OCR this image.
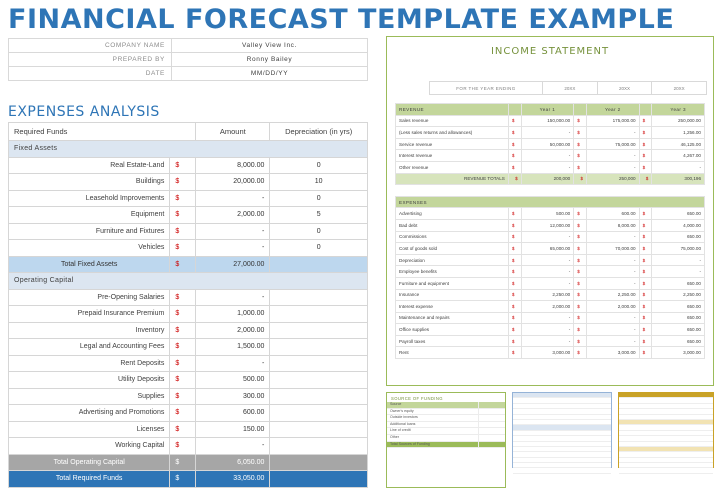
FINANCIAL FORECAST TEMPLATE EXAMPLE
COMPANY NAME	Valley View Inc.
PREPARED BY	Ronny Bailey
DATE	MM/DD/YY
EXPENSES ANALYSIS
Required Funds		Amount	Depreciation (in yrs)
Fixed Assets			
Real Estate-Land	$	8,000.00	0
Buildings	$	20,000.00	10
Leasehold Improvements	$	-	0
Equipment	$	2,000.00	5
Furniture and Fixtures	$	-	0
Vehicles	$	-	0
Total Fixed Assets	$	27,000.00	
Operating Capital			
Pre-Opening Salaries	$	-	
Prepaid Insurance Premium	$	1,000.00	
Inventory	$	2,000.00	
Legal and Accounting Fees	$	1,500.00	
Rent Deposits	$	-	
Utility Deposits	$	500.00	
Supplies	$	300.00	
Advertising and Promotions	$	600.00	
Licenses	$	150.00	
Working Capital	$	-	
Total Operating Capital	$	6,050.00	
Total Required Funds	$	33,050.00	
INCOME STATEMENT
FOR THE YEAR ENDING	20XX	20XX	20XX
REVENUE		Year 1		Year 2		Year 3
Sales revenue	$	150,000.00	$	175,000.00	$	250,000.00
(Less sales returns and allowances)	$	-	$	-	$	1,256.00
Service revenue	$	50,000.00	$	75,000.00	$	46,125.00
Interest revenue	$	-	$	-	$	4,267.00
Other revenue	$	-	$	-	$	-
REVENUE TOTALS	$	200,000	$	250,000	$	300,196

EXPENSES						
Advertising	$	500.00	$	600.00	$	650.00
Bad debt	$	12,000.00	$	8,000.00	$	4,000.00
Commissions	$	-	$	-	$	650.00
Cost of goods sold	$	65,000.00	$	70,000.00	$	75,000.00
Depreciation	$	-	$	-	$	-
Employee benefits	$	-	$	-	$	-
Furniture and equipment	$	-	$	-	$	650.00
Insurance	$	2,250.00	$	2,250.00	$	2,250.00
Interest expense	$	2,000.00	$	2,000.00	$	650.00
Maintenance and repairs	$	-	$	-	$	650.00
Office supplies	$	-	$	-	$	650.00
Payroll taxes	$	-	$	-	$	650.00
Rent	$	3,000.00	$	3,000.00	$	3,000.00
SOURCE OF FUNDING
Source
Owner's equity
Outside investors
Additional loans
Line of credit
Other
Total Sources of Funding
